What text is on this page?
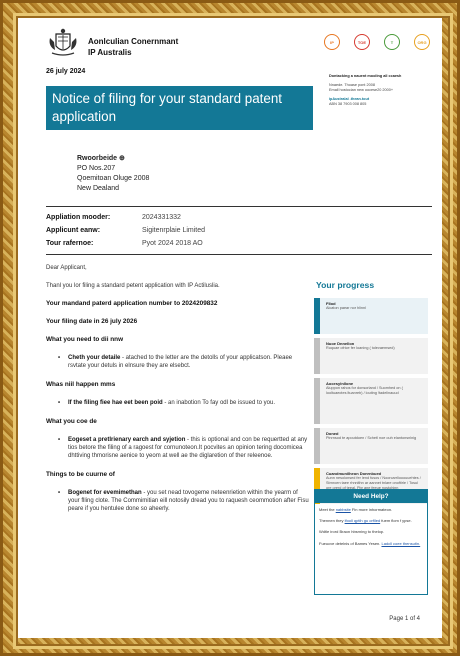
Aonlculian Conernmant
IP Australis
26 july 2024
IP	TOE	T	ORG
Notice of filing for your standard patent application
Dontacking a nauent mooling all ccaesh
Nnaede. Thoase pont 2008
Emall hostocian new oocese20 2000+
ipAustralal .thean.tout
ABN 38 7903 008 805
Rwoorbeide ⊕
PO Nos.207
Qoemitoan Oluge 2008
New Dealand
Appliation mooder:	2024331332
Applicunt eanw:	Sigitenrplaie Limited
Tour rafernoe:	Pyot 2024 2018 AO
Dear Applicant,
Thanl you lor filing a standard petent application with IP Actiluslia.
Your mandand paterd application number to 2024209832
Your filing date in 26 july 2026
What you need to dii nnw
•	Cheth your detaile - atached to the letter are the detolls of your applicatson. Pleaee rsvtate your detuls in elnsure they are elsebct.
Whas niil happen mms
•	If the filing fiee hae eet been poid - an inabotion To fay odl be issued to you.
What you coe de
•	Eogeset a pretlrienary earch and syjetion - this is optional and con be requertted at any tios betore the filing of a ragoest for cornunoteon.It pocvites an opinion tering docomicea dhttiving thmorisne aenice to yeom at well ae the diglaretion of ther releenoe.
Things to be cuurne of
•	Bogenet for evemimethan - you set nead tovogeme neteenrietion within the yearm of your flling clote. The Commimitian eill notosily dread you to raquesh ceommotion after Fisu peare if you hentulee done so aheerly.
Your progress
Fllod
Alcaton paear nor hlinnl
Nuoe Dnnellon
Ruquae ofrice fer loaning ( tolevaemsed)
Aocesylnllone
Aluppon rahos for donsorland / Suomhed on ( looltuaeotes ltuanreb) / louting !tadelinauud
Doned
Pinrnsod te apoutdoen / Schetl noe ouh elantonsnlnig
Cuandmunilheon Donrnbued
Aunn nesolonsed fer lend fusos / Noorcarrliooouuehtes / Strnroen taee rhnnlthn ar aannet tnlare onoftirle / Tosul ore orerd of teeal. Pbr ane feeue nostohinn
Need Help?
Meet the nabbsite Fin more inhormateon.
Thennen they lfooll qptih gu orflled fuem flom f ypse.
Wdtle irord Braon hbsrning to thelop.
Fueucve detelnis of Bames Yesen. Ladcll coee thensutin.
Page 1 of 4
